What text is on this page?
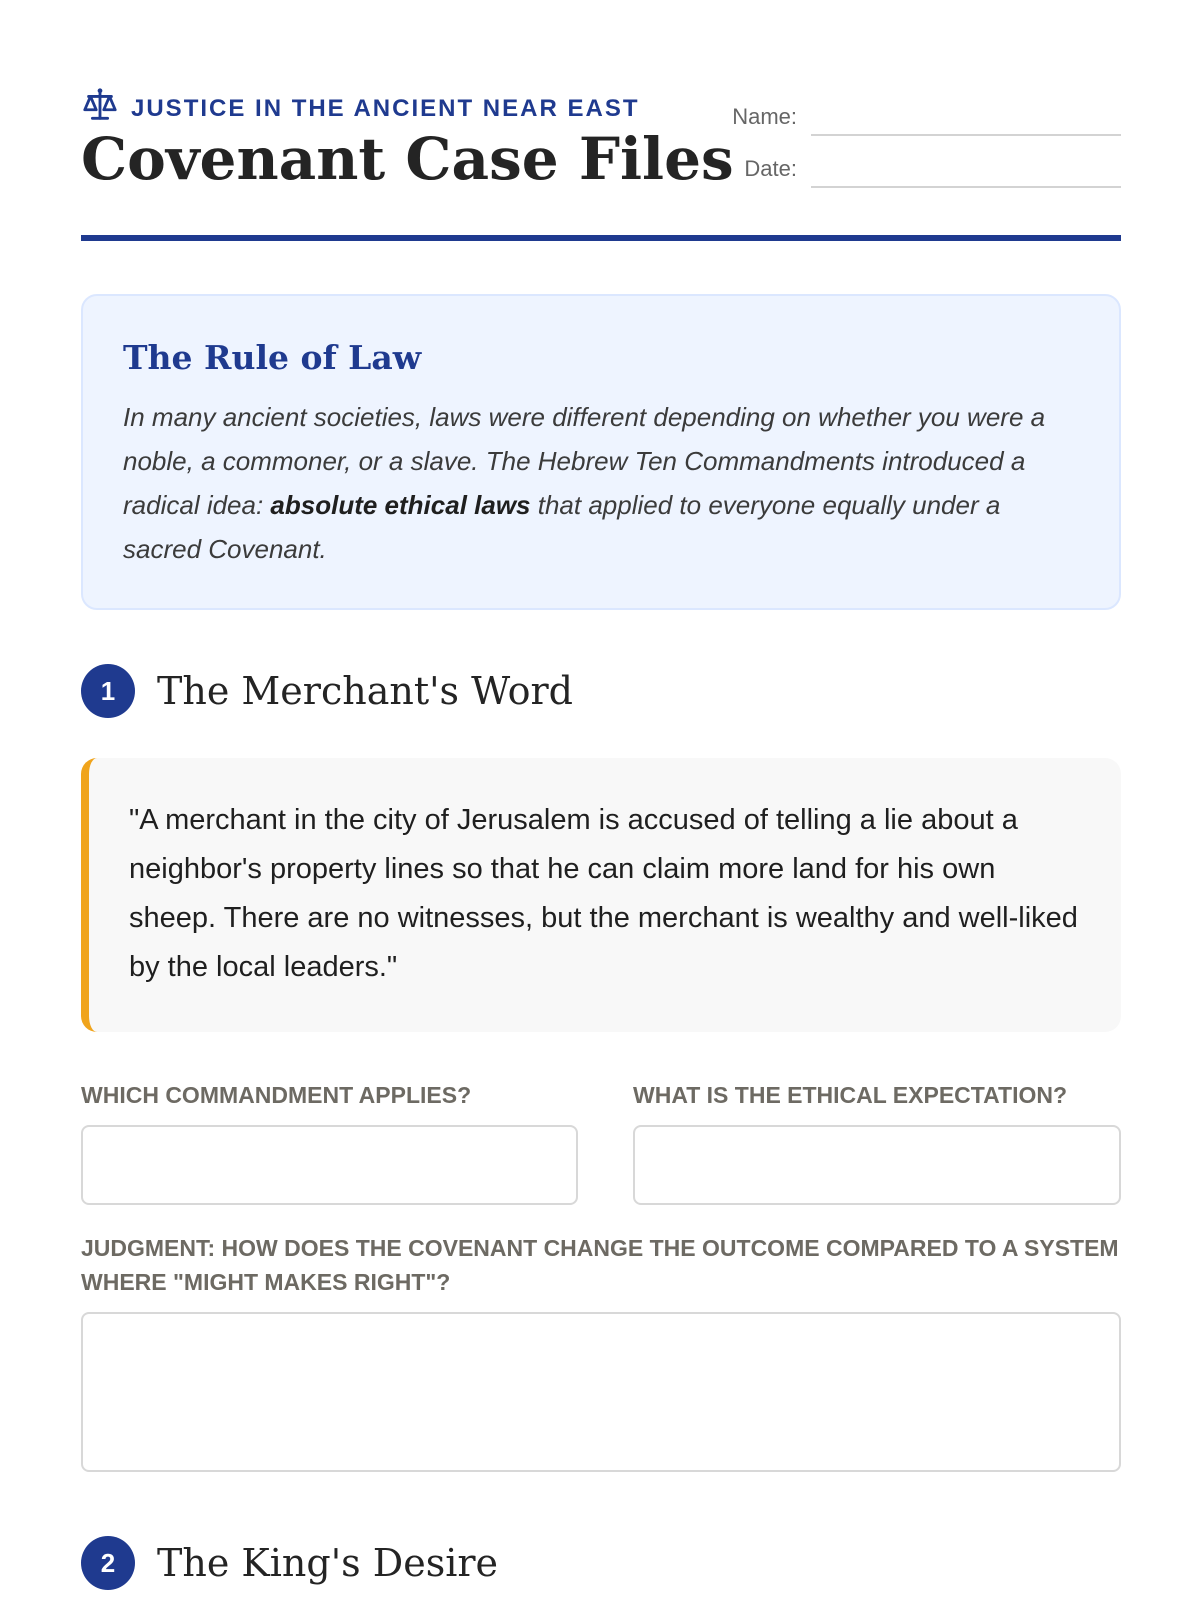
JUSTICE IN THE ANCIENT NEAR EAST
Covenant Case Files
Name:
Date:
The Rule of Law

In many ancient societies, laws were different depending on whether you were a noble, a commoner, or a slave. The Hebrew Ten Commandments introduced a radical idea: absolute ethical laws that applied to everyone equally under a sacred Covenant.

1	The Merchant's Word

"A merchant in the city of Jerusalem is accused of telling a lie about a neighbor's property lines so that he can claim more land for his own sheep. There are no witnesses, but the merchant is wealthy and well-liked by the local leaders."

WHICH COMMANDMENT APPLIES?	WHAT IS THE ETHICAL EXPECTATION?
JUDGMENT: HOW DOES THE COVENANT CHANGE THE OUTCOME COMPARED TO A SYSTEM WHERE "MIGHT MAKES RIGHT"?
2	The King's Desire
